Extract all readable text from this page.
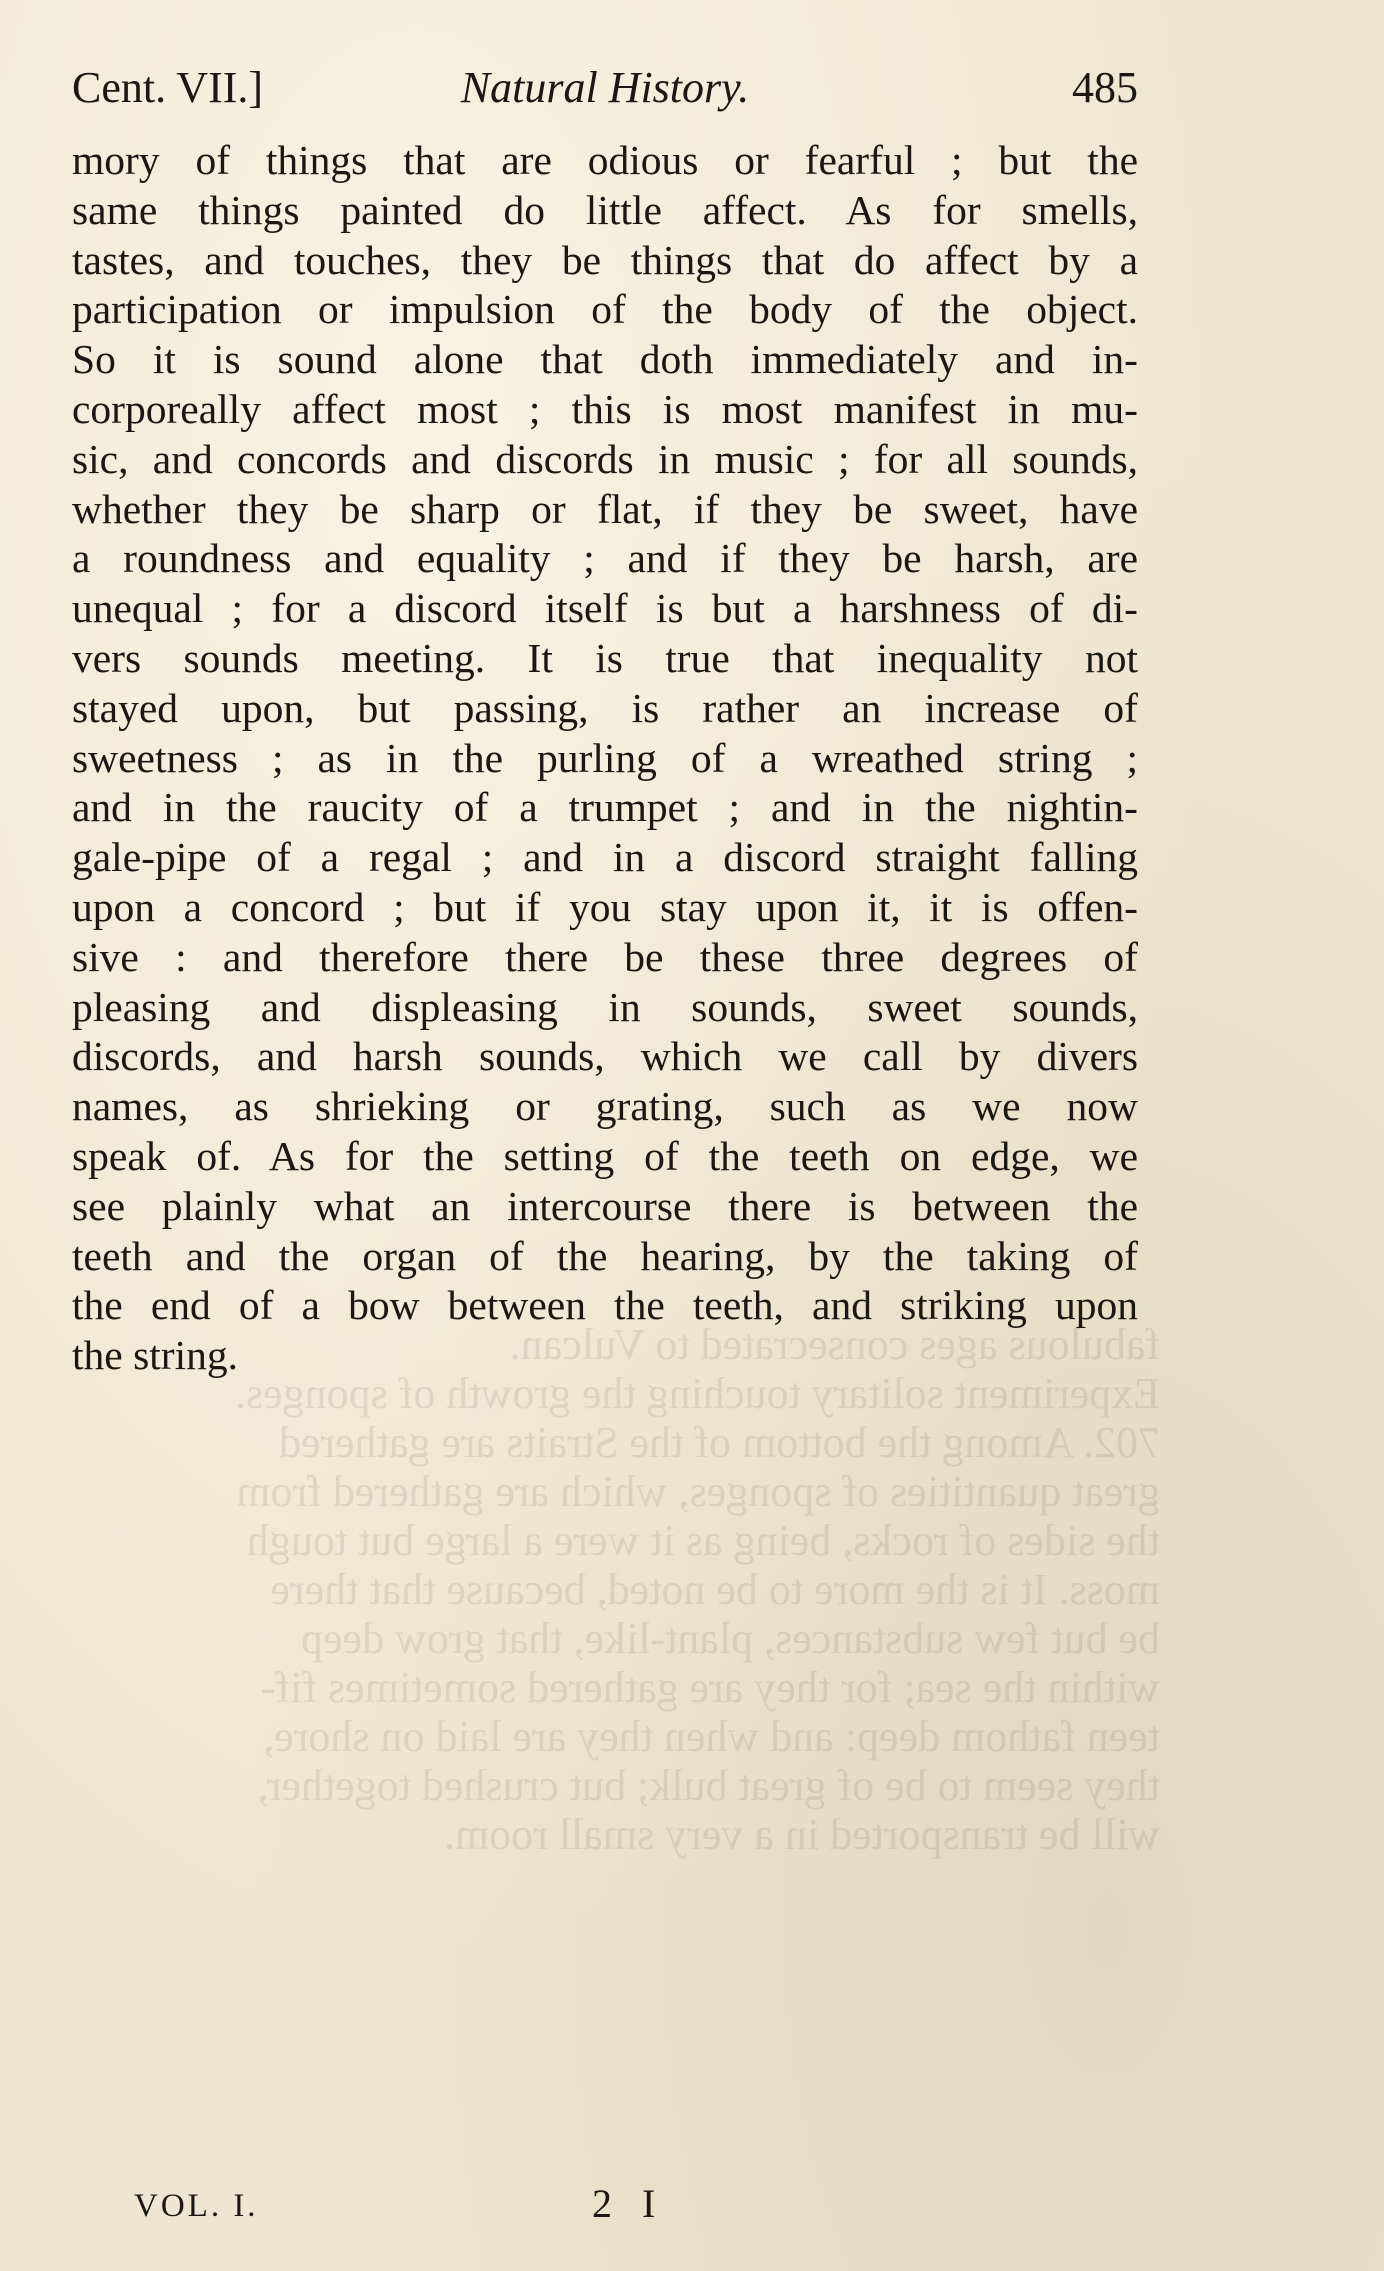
fabulous ages consecrated to Vulcan.
Experiment solitary touching the growth of sponges.
702. Among the bottom of the Straits are gathered
great quantities of sponges, which are gathered from
the sides of rocks, being as it were a large but tough
moss. It is the more to be noted, because that there
be but few substances, plant-like, that grow deep
within the sea; for they are gathered sometimes fif-
teen fathom deep: and when they are laid on shore,
they seem to be of great bulk; but crushed together,
will be transported in a very small room.
Cent. VII.]	Natural History.	485
mory of things that are odious or fearful ; but the
same things painted do little affect. As for smells,
tastes, and touches, they be things that do affect by a
participation or impulsion of the body of the object.
So it is sound alone that doth immediately and in-
corporeally affect most ; this is most manifest in mu-
sic, and concords and discords in music ; for all sounds,
whether they be sharp or flat, if they be sweet, have
a roundness and equality ; and if they be harsh, are
unequal ; for a discord itself is but a harshness of di-
vers sounds meeting. It is true that inequality not
stayed upon, but passing, is rather an increase of
sweetness ; as in the purling of a wreathed string ;
and in the raucity of a trumpet ; and in the nightin-
gale-pipe of a regal ; and in a discord straight falling
upon a concord ; but if you stay upon it, it is offen-
sive : and therefore there be these three degrees of
pleasing and displeasing in sounds, sweet sounds,
discords, and harsh sounds, which we call by divers
names, as shrieking or grating, such as we now
speak of. As for the setting of the teeth on edge, we
see plainly what an intercourse there is between the
teeth and the organ of the hearing, by the taking of
the end of a bow between the teeth, and striking upon
the string.
VOL. I.	2 I
